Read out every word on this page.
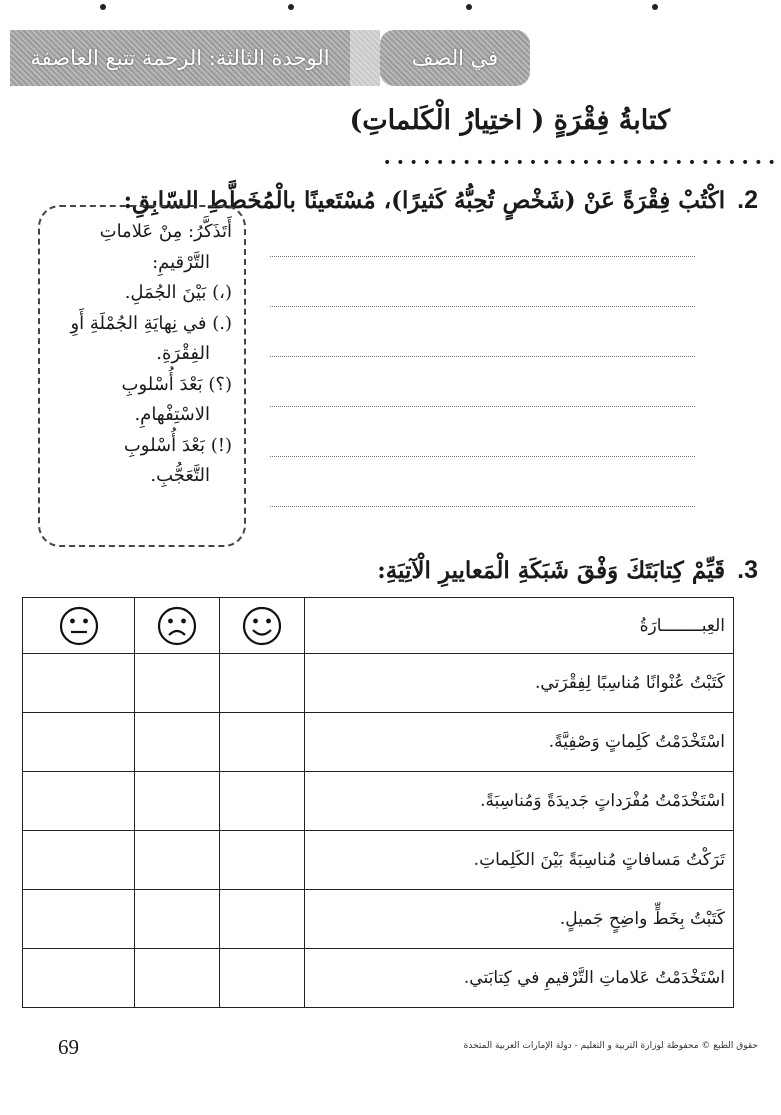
الوحدة الثالثة: الرحمة تتبع العاصفة	في الصف
كتابةُ فِقْرَةٍ ( اختِيارُ الْكَلماتِ)
••••••••••••••••••••••••••••••
2.
اكْتُبْ فِقْرَةً عَنْ (شَخْصٍ تُحِبُّهُ كَثيرًا)، مُسْتَعينًا بالْمُخَطَّطِ السّابِقِ:

أَتَذَكَّرُ: مِنْ عَلاماتِ

التَّرْقيمِ:

(،) بَيْنَ الجُمَلِ.

(.) في نِهايَةِ الجُمْلَةِ أَوِ

الفِقْرَةِ.

(؟) بَعْدَ أُسْلوبِ

الاسْتِفْهامِ.

(!) بَعْدَ أُسْلوبِ

التَّعَجُّبِ.

3.
قَيِّمْ كِتابَتَكَ وَفْقَ شَبَكَةِ الْمَعاييرِ الْآتِيَةِ:

	العِبــــــــارَةُ
			كَتَبْتُ عُنْوانًا مُناسِبًا لِفِقْرَتي.
			اسْتَخْدَمْتُ كَلِماتٍ وَصْفِيَّةً.
			اسْتَخْدَمْتُ مُفْرَداتٍ جَديدَةً وَمُناسِبَةً.
			تَرَكْتُ مَسافاتٍ مُناسِبَةً بَيْنَ الكَلِماتِ.
			كَتَبْتُ بِخَطٍّ واضِحٍ جَميلٍ.
			اسْتَخْدَمْتُ عَلاماتِ التَّرْقيمِ في كِتابَتي.
69	حقوق الطبع © محفوظة لوزارة التربية و التعليم - دولة الإمارات العربية المتحدة
